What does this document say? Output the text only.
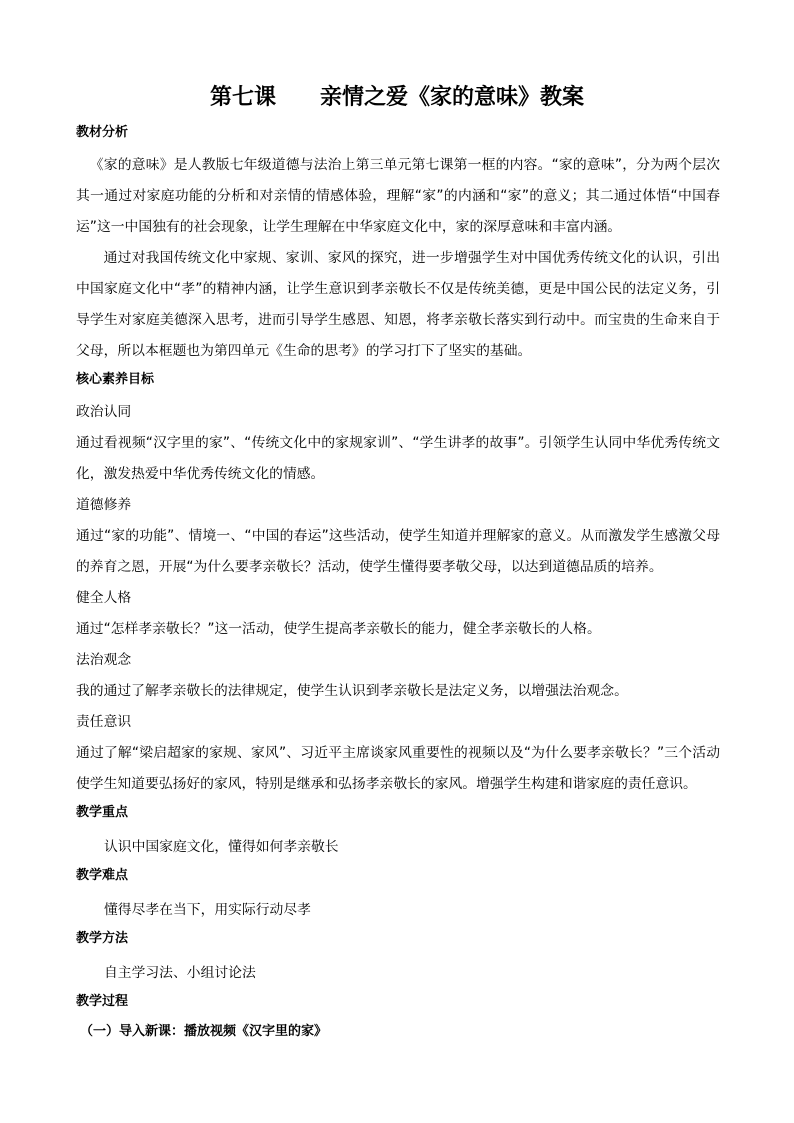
第七课　　亲情之爱《家的意味》教案
教材分析
《家的意味》是人教版七年级道德与法治上第三单元第七课第一框的内容。“家的意味”，分为两个层次其一通过对家庭功能的分析和对亲情的情感体验，理解“家”的内涵和“家”的意义；其二通过体悟“中国春运”这一中国独有的社会现象，让学生理解在中华家庭文化中，家的深厚意味和丰富内涵。
通过对我国传统文化中家规、家训、家风的探究，进一步增强学生对中国优秀传统文化的认识，引出中国家庭文化中“孝”的精神内涵，让学生意识到孝亲敬长不仅是传统美德，更是中国公民的法定义务，引导学生对家庭美德深入思考，进而引导学生感恩、知恩，将孝亲敬长落实到行动中。而宝贵的生命来自于父母，所以本框题也为第四单元《生命的思考》的学习打下了坚实的基础。
核心素养目标
政治认同
通过看视频“汉字里的家”、“传统文化中的家规家训”、“学生讲孝的故事”。引领学生认同中华优秀传统文化，激发热爱中华优秀传统文化的情感。
道德修养
通过“家的功能”、情境一、“中国的春运”这些活动，使学生知道并理解家的意义。从而激发学生感激父母的养育之恩，开展“为什么要孝亲敬长？活动，使学生懂得要孝敬父母，以达到道德品质的培养。
健全人格
通过“怎样孝亲敬长？”这一活动，使学生提高孝亲敬长的能力，健全孝亲敬长的人格。
法治观念
我的通过了解孝亲敬长的法律规定，使学生认识到孝亲敬长是法定义务，以增强法治观念。
责任意识
通过了解“梁启超家的家规、家风”、习近平主席谈家风重要性的视频以及“为什么要孝亲敬长？”三个活动使学生知道要弘扬好的家风，特别是继承和弘扬孝亲敬长的家风。增强学生构建和谐家庭的责任意识。
教学重点
认识中国家庭文化，懂得如何孝亲敬长
教学难点
懂得尽孝在当下，用实际行动尽孝
教学方法
自主学习法、小组讨论法
教学过程
（一）导入新课：播放视频《汉字里的家》
